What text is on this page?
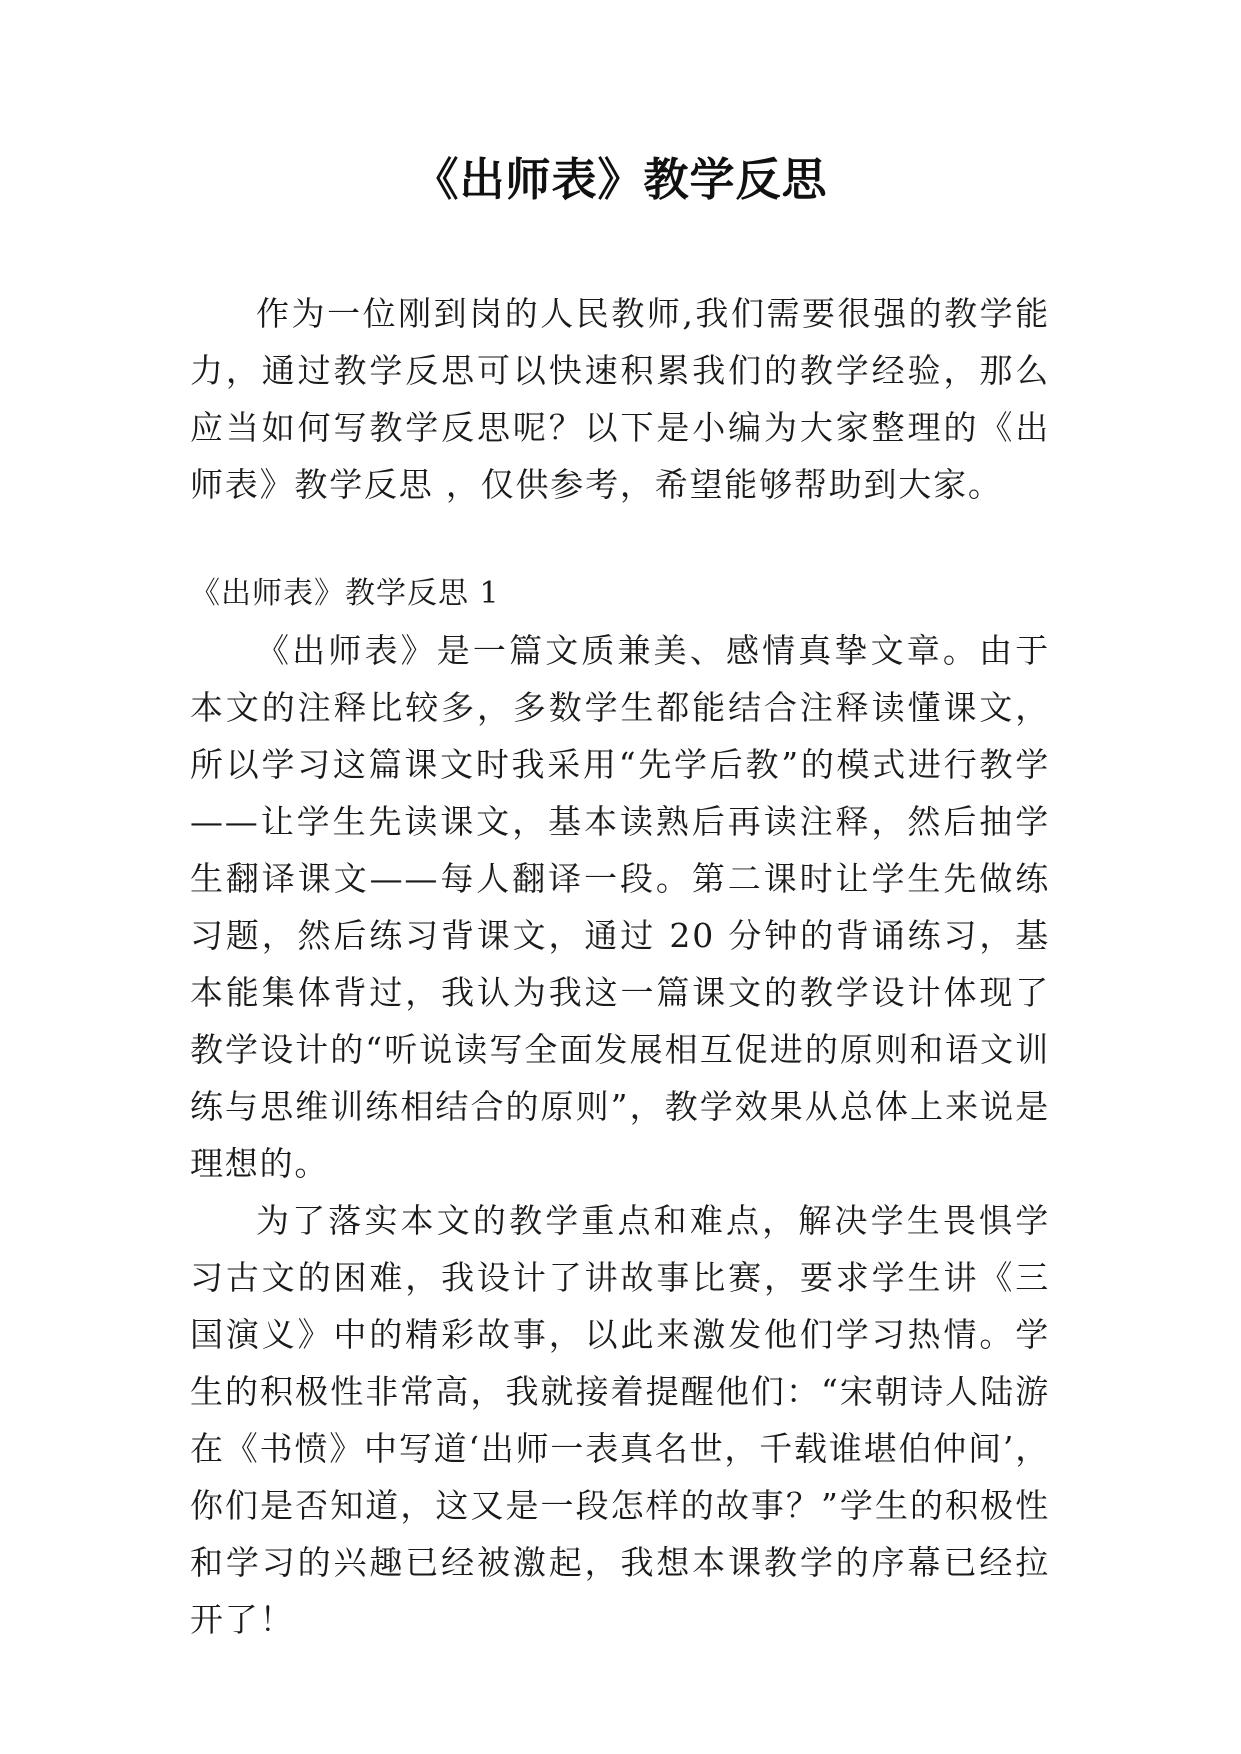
《出师表》教学反思

作为一位刚到岗的人民教师,我们需要很强的教学能力，通过教学反思可以快速积累我们的教学经验，那么应当如何写教学反思呢？以下是小编为大家整理的《出师表》教学反思 ，仅供参考，希望能够帮助到大家。

《出师表》教学反思 1

《出师表》是一篇文质兼美、感情真挚文章。由于本文的注释比较多，多数学生都能结合注释读懂课文，所以学习这篇课文时我采用“先学后教”的模式进行教学——让学生先读课文，基本读熟后再读注释，然后抽学生翻译课文——每人翻译一段。第二课时让学生先做练习题，然后练习背课文，通过 20 分钟的背诵练习，基本能集体背过，我认为我这一篇课文的教学设计体现了教学设计的“听说读写全面发展相互促进的原则和语文训练与思维训练相结合的原则”，教学效果从总体上来说是理想的。

为了落实本文的教学重点和难点，解决学生畏惧学习古文的困难，我设计了讲故事比赛，要求学生讲《三国演义》中的精彩故事，以此来激发他们学习热情。学生的积极性非常高，我就接着提醒他们：“宋朝诗人陆游在《书愤》中写道‘出师一表真名世，千载谁堪伯仲间’，你们是否知道，这又是一段怎样的故事？”学生的积极性和学习的兴趣已经被激起，我想本课教学的序幕已经拉开了！
